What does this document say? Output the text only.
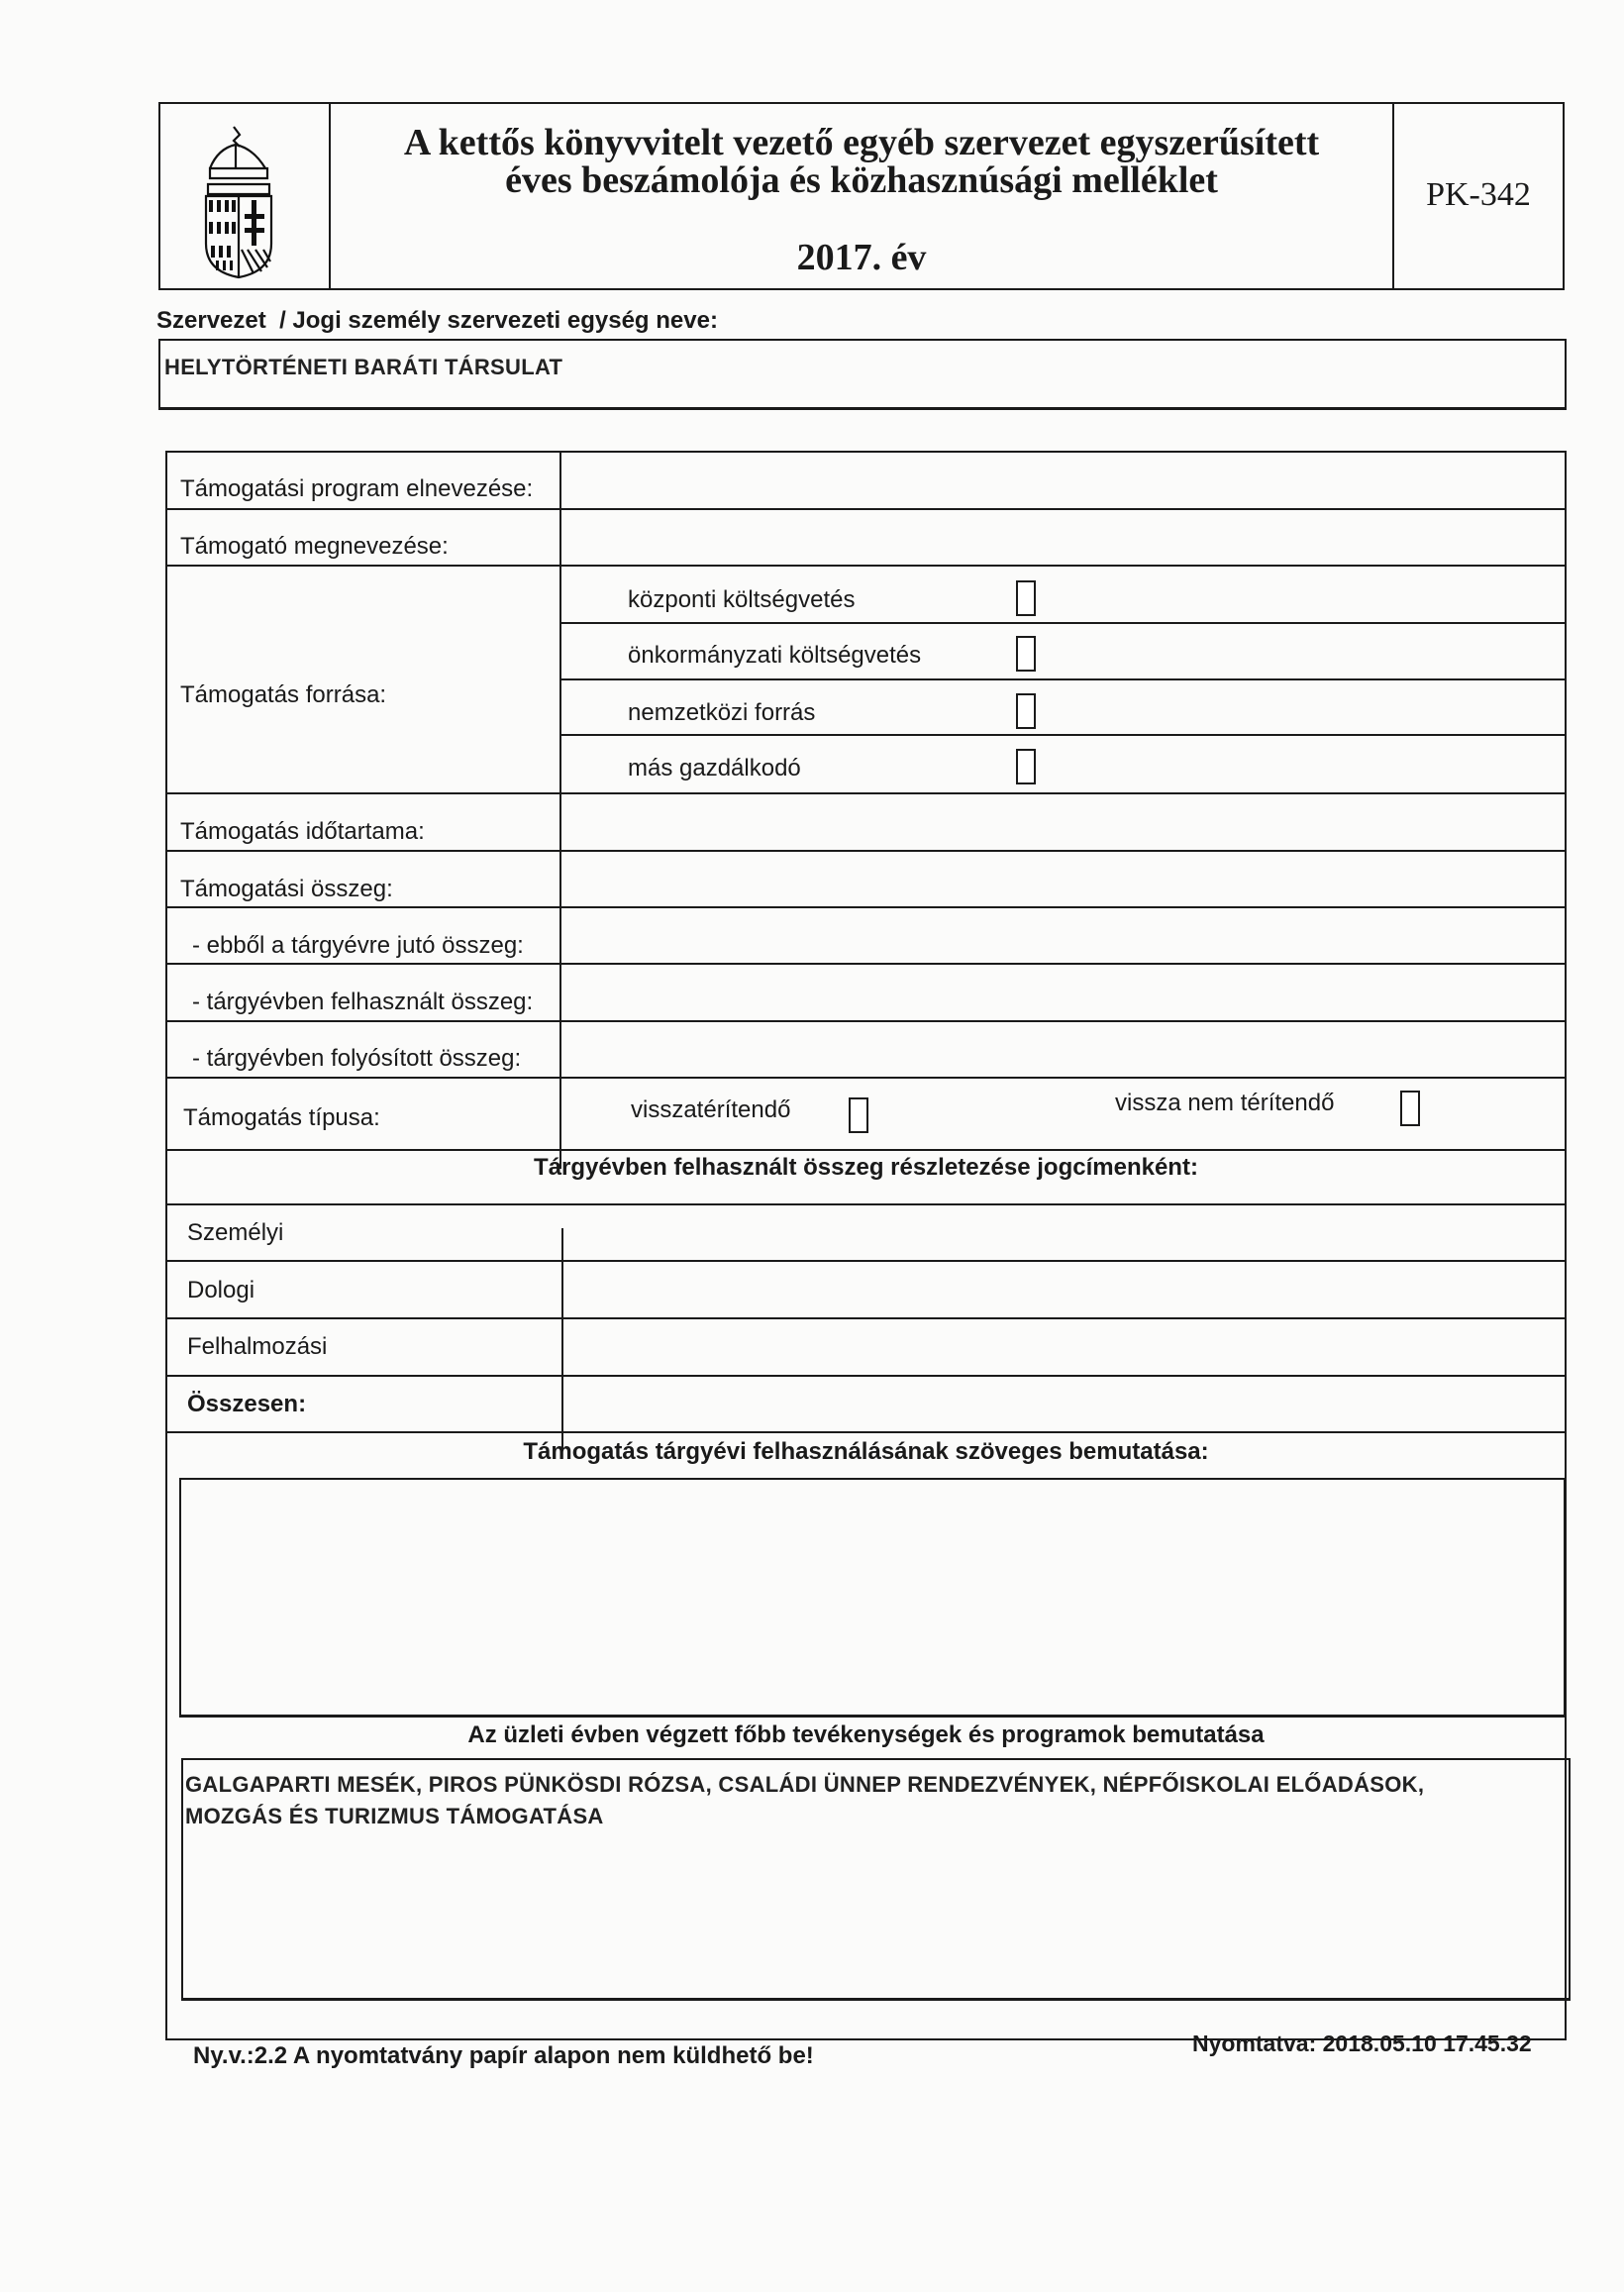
A kettős könyvvitelt vezető egyéb szervezet egyszerűsített
éves beszámolója és közhasznúsági melléklet
2017. év
PK-342
Szervezet  / Jogi személy szervezeti egység neve:
HELYTÖRTÉNETI BARÁTI TÁRSULAT
Támogatási program elnevezése:
Támogató megnevezése:
Támogatás forrása:
központi költségvetés
önkormányzati költségvetés
nemzetközi forrás
más gazdálkodó
Támogatás időtartama:
Támogatási összeg:
- ebből a tárgyévre jutó összeg:
- tárgyévben felhasznált összeg:
- tárgyévben folyósított összeg:
Támogatás típusa:	visszatérítendő	vissza nem térítendő
Tárgyévben felhasznált összeg részletezése jogcímenként:
Személyi
Dologi
Felhalmozási
Összesen:
Támogatás tárgyévi felhasználásának szöveges bemutatása:
Az üzleti évben végzett főbb tevékenységek és programok bemutatása
GALGAPARTI MESÉK, PIROS PÜNKÖSDI RÓZSA, CSALÁDI ÜNNEP RENDEZVÉNYEK, NÉPFŐISKOLAI ELŐADÁSOK,
MOZGÁS ÉS TURIZMUS TÁMOGATÁSA
Ny.v.:2.2 A nyomtatvány papír alapon nem küldhető be!	Nyomtatva: 2018.05.10 17.45.32
